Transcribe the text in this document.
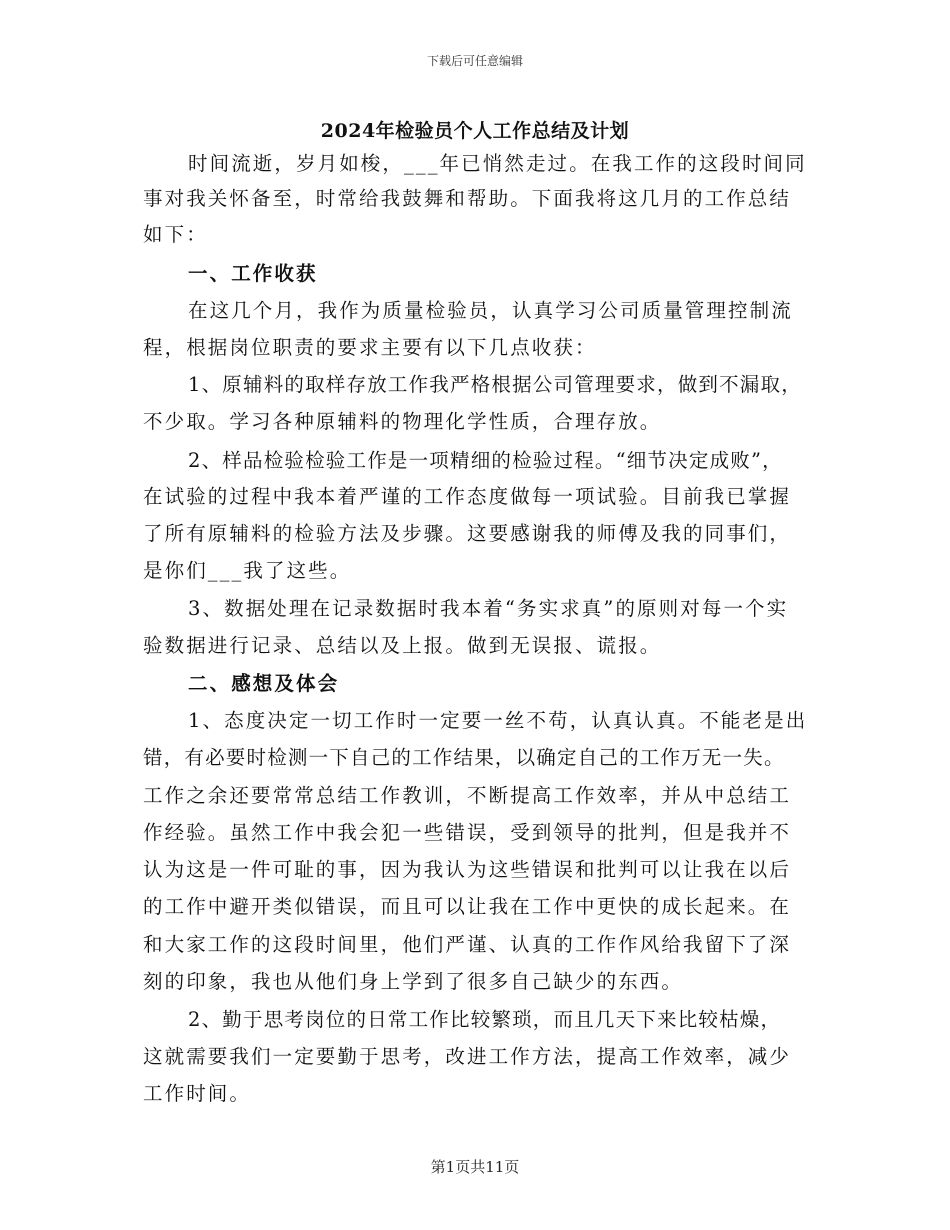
下载后可任意编辑
2024年检验员个人工作总结及计划
时间流逝，岁月如梭，___年已悄然走过。在我工作的这段时间同
事对我关怀备至，时常给我鼓舞和帮助。下面我将这几月的工作总结
如下：
一、工作收获
在这几个月，我作为质量检验员，认真学习公司质量管理控制流
程，根据岗位职责的要求主要有以下几点收获：
1、原辅料的取样存放工作我严格根据公司管理要求，做到不漏取，
不少取。学习各种原辅料的物理化学性质，合理存放。
2、样品检验检验工作是一项精细的检验过程。“细节决定成败”，
在试验的过程中我本着严谨的工作态度做每一项试验。目前我已掌握
了所有原辅料的检验方法及步骤。这要感谢我的师傅及我的同事们，
是你们___我了这些。
3、数据处理在记录数据时我本着“务实求真”的原则对每一个实
验数据进行记录、总结以及上报。做到无误报、谎报。
二、感想及体会
1、态度决定一切工作时一定要一丝不苟，认真认真。不能老是出
错，有必要时检测一下自己的工作结果，以确定自己的工作万无一失。
工作之余还要常常总结工作教训，不断提高工作效率，并从中总结工
作经验。虽然工作中我会犯一些错误，受到领导的批判，但是我并不
认为这是一件可耻的事，因为我认为这些错误和批判可以让我在以后
的工作中避开类似错误，而且可以让我在工作中更快的成长起来。在
和大家工作的这段时间里，他们严谨、认真的工作作风给我留下了深
刻的印象，我也从他们身上学到了很多自己缺少的东西。
2、勤于思考岗位的日常工作比较繁琐，而且几天下来比较枯燥，
这就需要我们一定要勤于思考，改进工作方法，提高工作效率，减少
工作时间。
第1页共11页
